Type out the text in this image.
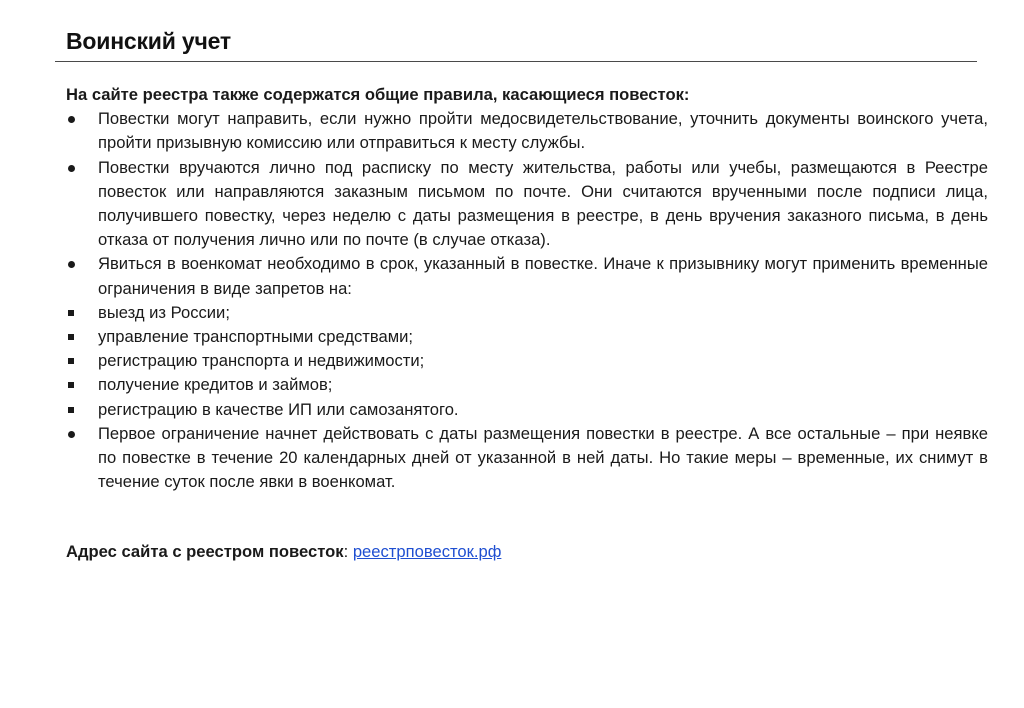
Воинский учет

На сайте реестра также содержатся общие правила, касающиеся повесток:

Повестки могут направить, если нужно пройти медосвидетельствование, уточнить документы воинского учета, пройти призывную комиссию или отправиться к месту службы.
Повестки вручаются лично под расписку по месту жительства, работы или учебы, размещаются в Реестре повесток или направляются заказным письмом по почте. Они считаются врученными после подписи лица, получившего повестку, через неделю с даты размещения в реестре, в день вручения заказного письма, в день отказа от получения лично или по почте (в случае отказа).
Явиться в военкомат необходимо в срок, указанный в повестке. Иначе к призывнику могут применить временные ограничения в виде запретов на:
выезд из России;
управление транспортными средствами;
регистрацию транспорта и недвижимости;
получение кредитов и займов;
регистрацию в качестве ИП или самозанятого.
Первое ограничение начнет действовать с даты размещения повестки в реестре. А все остальные – при неявке по повестке в течение 20 календарных дней от указанной в ней даты. Но такие меры – временные, их снимут в течение суток после явки в военкомат.
Адрес сайта с реестром повесток: реестрповесток.рф
